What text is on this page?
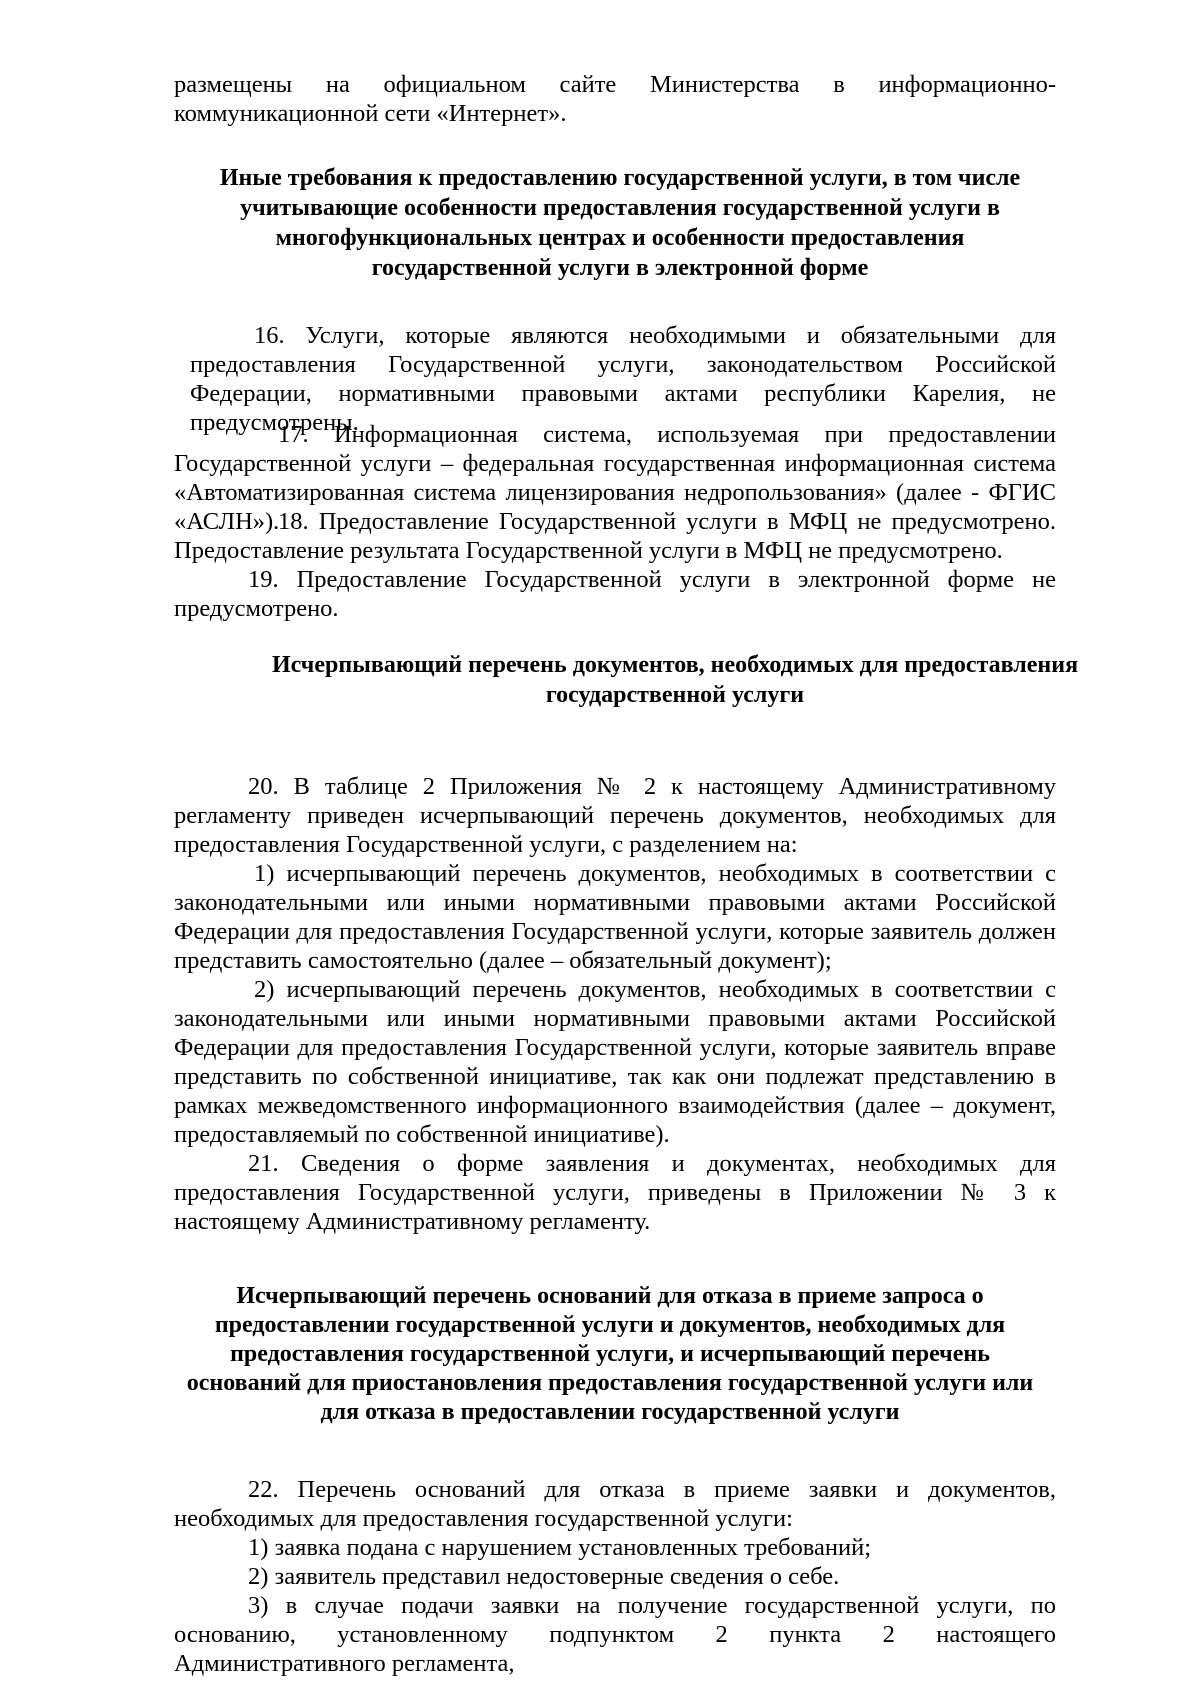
размещены на официальном сайте Министерства в информационно-коммуникационной сети «Интернет».
Иные требования к предоставлению государственной услуги, в том числе учитывающие особенности предоставления государственной услуги в многофункциональных центрах и особенности предоставления государственной услуги в электронной форме
16. Услуги, которые являются необходимыми и обязательными для предоставления Государственной услуги, законодательством Российской Федерации, нормативными правовыми актами республики Карелия, не предусмотрены.
17. Информационная система, используемая при предоставлении Государственной услуги – федеральная государственная информационная система «Автоматизированная система лицензирования недропользования» (далее - ФГИС «АСЛН»).
18. Предоставление Государственной услуги в МФЦ не предусмотрено. Предоставление результата Государственной услуги в МФЦ не предусмотрено.
19. Предоставление Государственной услуги в электронной форме не предусмотрено.
Исчерпывающий перечень документов, необходимых для предоставления государственной услуги
20. В таблице 2 Приложения № 2 к настоящему Административному регламенту приведен исчерпывающий перечень документов, необходимых для предоставления Государственной услуги, с разделением на:
1) исчерпывающий перечень документов, необходимых в соответствии с законодательными или иными нормативными правовыми актами Российской Федерации для предоставления Государственной услуги, которые заявитель должен представить самостоятельно (далее – обязательный документ);
2) исчерпывающий перечень документов, необходимых в соответствии с законодательными или иными нормативными правовыми актами Российской Федерации для предоставления Государственной услуги, которые заявитель вправе представить по собственной инициативе, так как они подлежат представлению в рамках межведомственного информационного взаимодействия (далее – документ, предоставляемый по собственной инициативе).
21. Сведения о форме заявления и документах, необходимых для предоставления Государственной услуги, приведены в Приложении № 3 к настоящему Административному регламенту.
Исчерпывающий перечень оснований для отказа в приеме запроса о предоставлении государственной услуги и документов, необходимых для предоставления государственной услуги, и исчерпывающий перечень оснований для приостановления предоставления государственной услуги или для отказа в предоставлении государственной услуги
22. Перечень оснований для отказа в приеме заявки и документов, необходимых для предоставления государственной услуги:
1) заявка подана с нарушением установленных требований;
2) заявитель представил недостоверные сведения о себе.
3) в случае подачи заявки на получение государственной услуги, по основанию, установленному подпунктом 2 пункта 2 настоящего Административного регламента,
